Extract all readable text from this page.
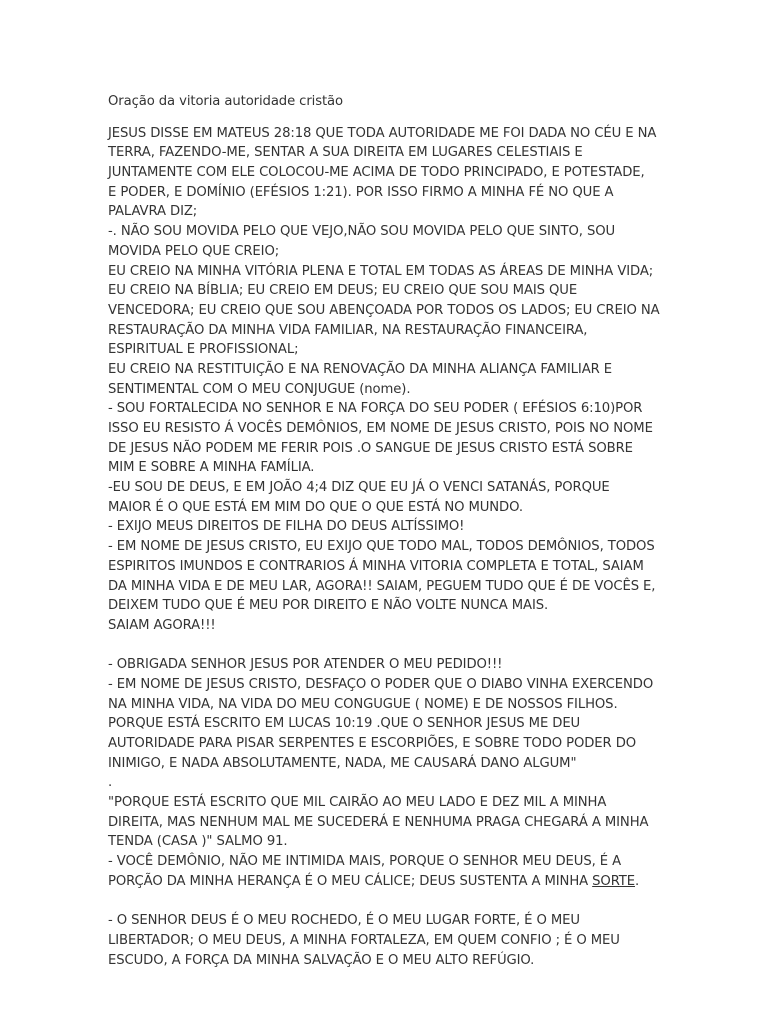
Oração da vitoria autoridade cristão
JESUS DISSE EM MATEUS 28:18 QUE TODA AUTORIDADE ME FOI DADA NO CÉU E NA
TERRA, FAZENDO-ME, SENTAR A SUA DIREITA EM LUGARES CELESTIAIS E
JUNTAMENTE COM ELE COLOCOU-ME ACIMA DE TODO PRINCIPADO, E POTESTADE,
E PODER, E DOMÍNIO (EFÉSIOS 1:21). POR ISSO FIRMO A MINHA FÉ NO QUE A
PALAVRA DIZ;
-. NÃO SOU MOVIDA PELO QUE VEJO,NÃO SOU MOVIDA PELO QUE SINTO, SOU
MOVIDA PELO QUE CREIO;
EU CREIO NA MINHA VITÓRIA PLENA E TOTAL EM TODAS AS ÁREAS DE MINHA VIDA;
EU CREIO NA BÍBLIA; EU CREIO EM DEUS; EU CREIO QUE SOU MAIS QUE
VENCEDORA; EU CREIO QUE SOU ABENÇOADA POR TODOS OS LADOS; EU CREIO NA
RESTAURAÇÃO DA MINHA VIDA FAMILIAR, NA RESTAURAÇÃO FINANCEIRA,
ESPIRITUAL E PROFISSIONAL;
EU CREIO NA RESTITUIÇÃO E NA RENOVAÇÃO DA MINHA ALIANÇA FAMILIAR E
SENTIMENTAL COM O MEU CONJUGUE (nome).
- SOU FORTALECIDA NO SENHOR E NA FORÇA DO SEU PODER ( EFÉSIOS 6:10)POR
ISSO EU RESISTO Á VOCÊS DEMÔNIOS, EM NOME DE JESUS CRISTO, POIS NO NOME
DE JESUS NÃO PODEM ME FERIR POIS .O SANGUE DE JESUS CRISTO ESTÁ SOBRE
MIM E SOBRE A MINHA FAMÍLIA.
-EU SOU DE DEUS, E EM JOÃO 4;4 DIZ QUE EU JÁ O VENCI SATANÁS, PORQUE
MAIOR É O QUE ESTÁ EM MIM DO QUE O QUE ESTÁ NO MUNDO.
- EXIJO MEUS DIREITOS DE FILHA DO DEUS ALTÍSSIMO!
- EM NOME DE JESUS CRISTO, EU EXIJO QUE TODO MAL, TODOS DEMÔNIOS, TODOS
ESPIRITOS IMUNDOS E CONTRARIOS Á MINHA VITORIA COMPLETA E TOTAL, SAIAM
DA MINHA VIDA E DE MEU LAR, AGORA!! SAIAM, PEGUEM TUDO QUE É DE VOCÊS E,
DEIXEM TUDO QUE É MEU POR DIREITO E NÃO VOLTE NUNCA MAIS.
SAIAM AGORA!!!
- OBRIGADA SENHOR JESUS POR ATENDER O MEU PEDIDO!!!
- EM NOME DE JESUS CRISTO, DESFAÇO O PODER QUE O DIABO VINHA EXERCENDO
NA MINHA VIDA, NA VIDA DO MEU CONGUGUE ( NOME) E DE NOSSOS FILHOS.
PORQUE ESTÁ ESCRITO EM LUCAS 10:19 .QUE O SENHOR JESUS ME DEU
AUTORIDADE PARA PISAR SERPENTES E ESCORPIÕES, E SOBRE TODO PODER DO
INIMIGO, E NADA ABSOLUTAMENTE, NADA, ME CAUSARÁ DANO ALGUM"
.
"PORQUE ESTÁ ESCRITO QUE MIL CAIRÃO AO MEU LADO E DEZ MIL A MINHA
DIREITA, MAS NENHUM MAL ME SUCEDERÁ E NENHUMA PRAGA CHEGARÁ A MINHA
TENDA (CASA )" SALMO 91.
- VOCÊ DEMÔNIO, NÃO ME INTIMIDA MAIS, PORQUE O SENHOR MEU DEUS, É A
PORÇÃO DA MINHA HERANÇA É O MEU CÁLICE; DEUS SUSTENTA A MINHA SORTE.
- O SENHOR DEUS É O MEU ROCHEDO, É O MEU LUGAR FORTE, É O MEU
LIBERTADOR; O MEU DEUS, A MINHA FORTALEZA, EM QUEM CONFIO ; É O MEU
ESCUDO, A FORÇA DA MINHA SALVAÇÃO E O MEU ALTO REFÚGIO.
